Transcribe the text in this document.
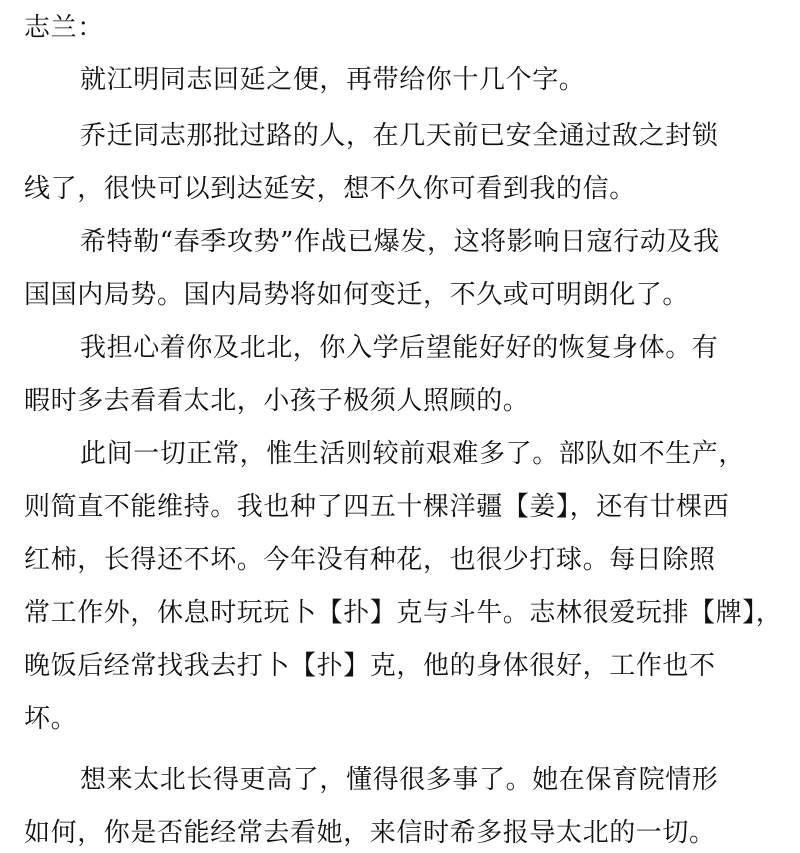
志兰：
就江明同志回延之便，再带给你十几个字。
乔迁同志那批过路的人，在几天前已安全通过敌之封锁
线了，很快可以到达延安，想不久你可看到我的信。
希特勒“春季攻势”作战已爆发，这将影响日寇行动及我
国国内局势。国内局势将如何变迁，不久或可明朗化了。
我担心着你及北北，你入学后望能好好的恢复身体。有
暇时多去看看太北，小孩子极须人照顾的。
此间一切正常，惟生活则较前艰难多了。部队如不生产，
则简直不能维持。我也种了四五十棵洋疆【姜】，还有廿棵西
红柿，长得还不坏。今年没有种花，也很少打球。每日除照
常工作外，休息时玩玩卜【扑】克与斗牛。志林很爱玩排【牌】，
晚饭后经常找我去打卜【扑】克，他的身体很好，工作也不
坏。
想来太北长得更高了，懂得很多事了。她在保育院情形
如何，你是否能经常去看她，来信时希多报导太北的一切。
